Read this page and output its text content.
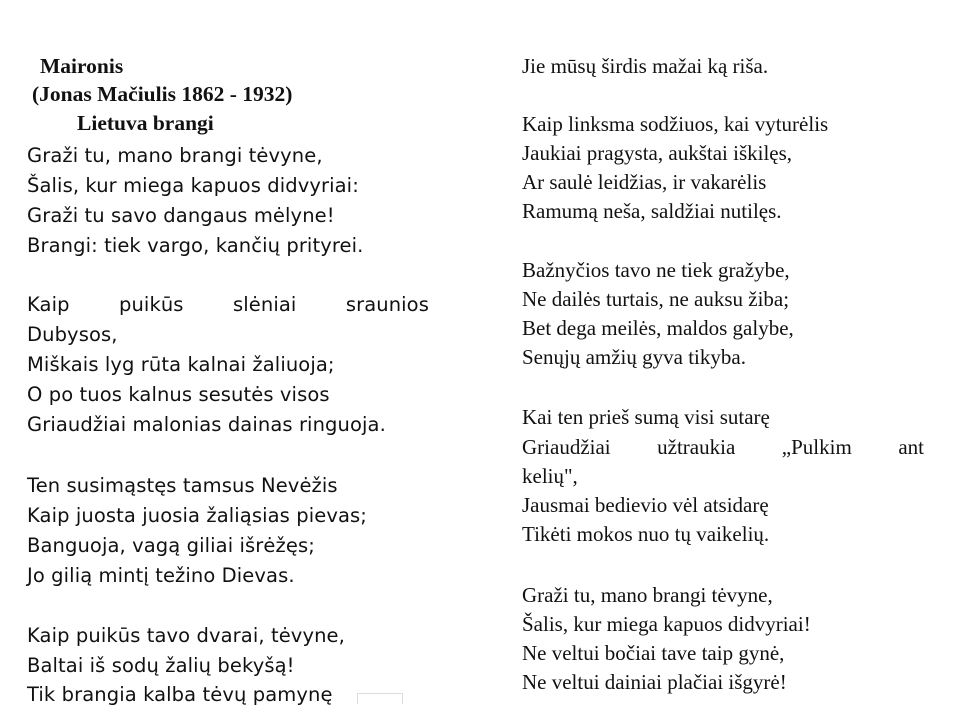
Maironis
(Jonas Mačiulis 1862 - 1932)
Lietuva brangi
Graži tu, mano brangi tėvyne,
Šalis, kur miega kapuos didvyriai:
Graži tu savo dangaus mėlyne!
Brangi: tiek vargo, kančių prityrei.
Kaip	puikūs	slėniai	sraunios
Dubysos,
Miškais lyg rūta kalnai žaliuoja;
O po tuos kalnus sesutės visos
Griaudžiai malonias dainas ringuoja.
Ten susimąstęs tamsus Nevėžis
Kaip juosta juosia žaliąsias pievas;
Banguoja, vagą giliai išrėžęs;
Jo gilią mintį težino Dievas.
Kaip puikūs tavo dvarai, tėvyne,
Baltai iš sodų žalių bekyšą!
Tik brangia kalba tėvų pamynę
Jie mūsų širdis mažai ką riša.
Kaip linksma sodžiuos, kai vyturėlis
Jaukiai pragysta, aukštai iškilęs,
Ar saulė leidžias, ir vakarėlis
Ramumą neša, saldžiai nutilęs.
Bažnyčios tavo ne tiek gražybe,
Ne dailės turtais, ne auksu žiba;
Bet dega meilės, maldos galybe,
Senųjų amžių gyva tikyba.
Kai ten prieš sumą visi sutarę
Griaudžiai užtraukia „Pulkim ant
kelių",
Jausmai bedievio vėl atsidarę
Tikėti mokos nuo tų vaikelių.
Graži tu, mano brangi tėvyne,
Šalis, kur miega kapuos didvyriai!
Ne veltui bočiai tave taip gynė,
Ne veltui dainiai plačiai išgyrė!
